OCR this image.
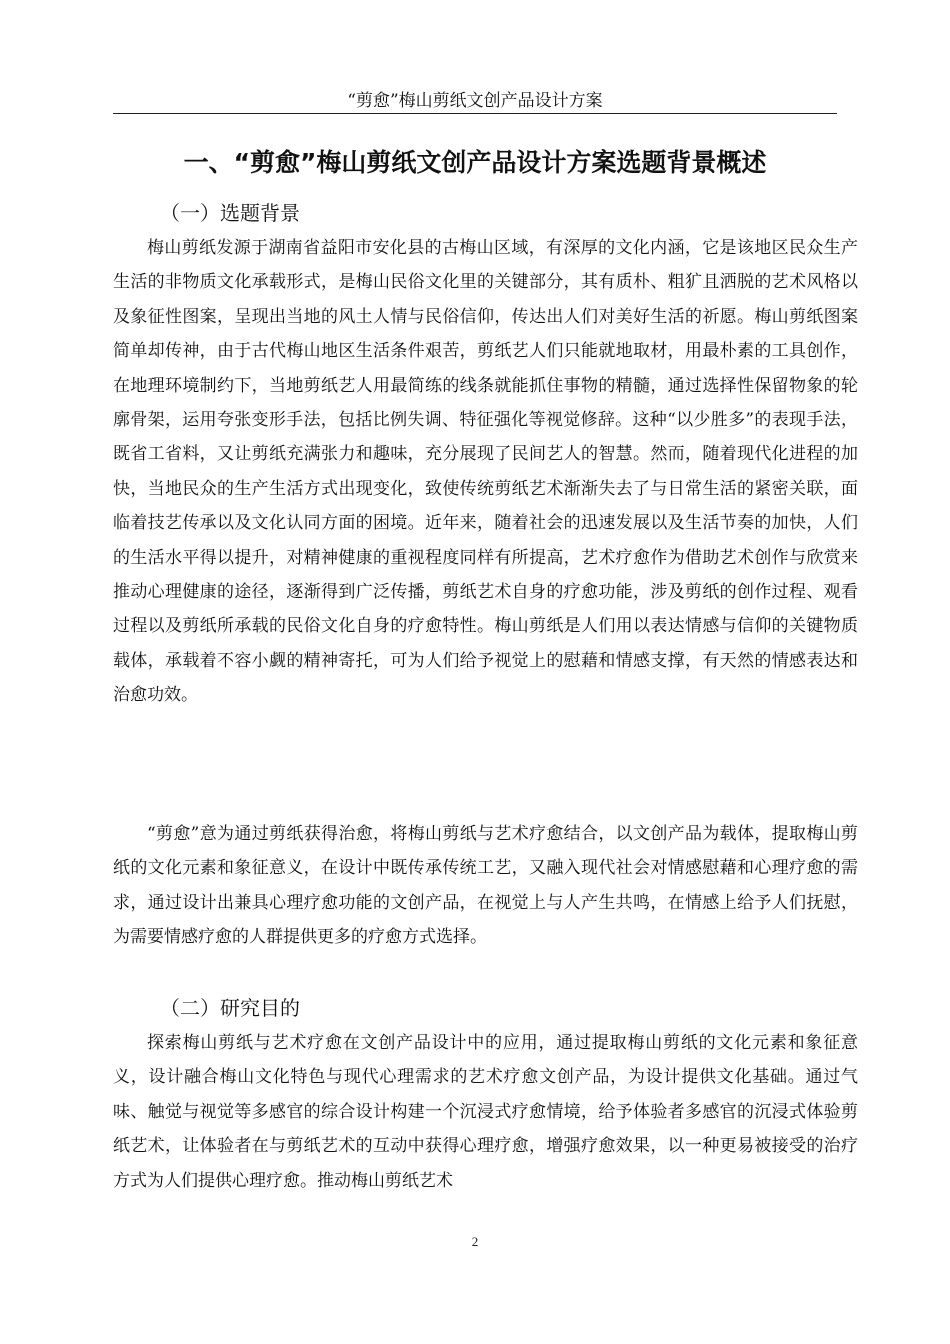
“剪愈”梅山剪纸文创产品设计方案
一、“剪愈”梅山剪纸文创产品设计方案选题背景概述
（一）选题背景

梅山剪纸发源于湖南省益阳市安化县的古梅山区域，有深厚的文化内涵，它是该地区民众生产生活的非物质文化承载形式，是梅山民俗文化里的关键部分，其有质朴、粗犷且洒脱的艺术风格以及象征性图案，呈现出当地的风土人情与民俗信仰，传达出人们对美好生活的祈愿。梅山剪纸图案简单却传神，由于古代梅山地区生活条件艰苦，剪纸艺人们只能就地取材，用最朴素的工具创作，在地理环境制约下，当地剪纸艺人用最简练的线条就能抓住事物的精髓，通过选择性保留物象的轮廓骨架，运用夸张变形手法，包括比例失调、特征强化等视觉修辞。这种“以少胜多”的表现手法，既省工省料，又让剪纸充满张力和趣味，充分展现了民间艺人的智慧。然而，随着现代化进程的加快，当地民众的生产生活方式出现变化，致使传统剪纸艺术渐渐失去了与日常生活的紧密关联，面临着技艺传承以及文化认同方面的困境。近年来，随着社会的迅速发展以及生活节奏的加快，人们的生活水平得以提升，对精神健康的重视程度同样有所提高，艺术疗愈作为借助艺术创作与欣赏来推动心理健康的途径，逐渐得到广泛传播，剪纸艺术自身的疗愈功能，涉及剪纸的创作过程、观看过程以及剪纸所承载的民俗文化自身的疗愈特性。梅山剪纸是人们用以表达情感与信仰的关键物质载体，承载着不容小觑的精神寄托，可为人们给予视觉上的慰藉和情感支撑，有天然的情感表达和治愈功效。

“剪愈”意为通过剪纸获得治愈，将梅山剪纸与艺术疗愈结合，以文创产品为载体，提取梅山剪纸的文化元素和象征意义，在设计中既传承传统工艺，又融入现代社会对情感慰藉和心理疗愈的需求，通过设计出兼具心理疗愈功能的文创产品，在视觉上与人产生共鸣，在情感上给予人们抚慰，为需要情感疗愈的人群提供更多的疗愈方式选择。

（二）研究目的

探索梅山剪纸与艺术疗愈在文创产品设计中的应用，通过提取梅山剪纸的文化元素和象征意义，设计融合梅山文化特色与现代心理需求的艺术疗愈文创产品，为设计提供文化基础。通过气味、触觉与视觉等多感官的综合设计构建一个沉浸式疗愈情境，给予体验者多感官的沉浸式体验剪纸艺术，让体验者在与剪纸艺术的互动中获得心理疗愈，增强疗愈效果，以一种更易被接受的治疗方式为人们提供心理疗愈。推动梅山剪纸艺术

2
